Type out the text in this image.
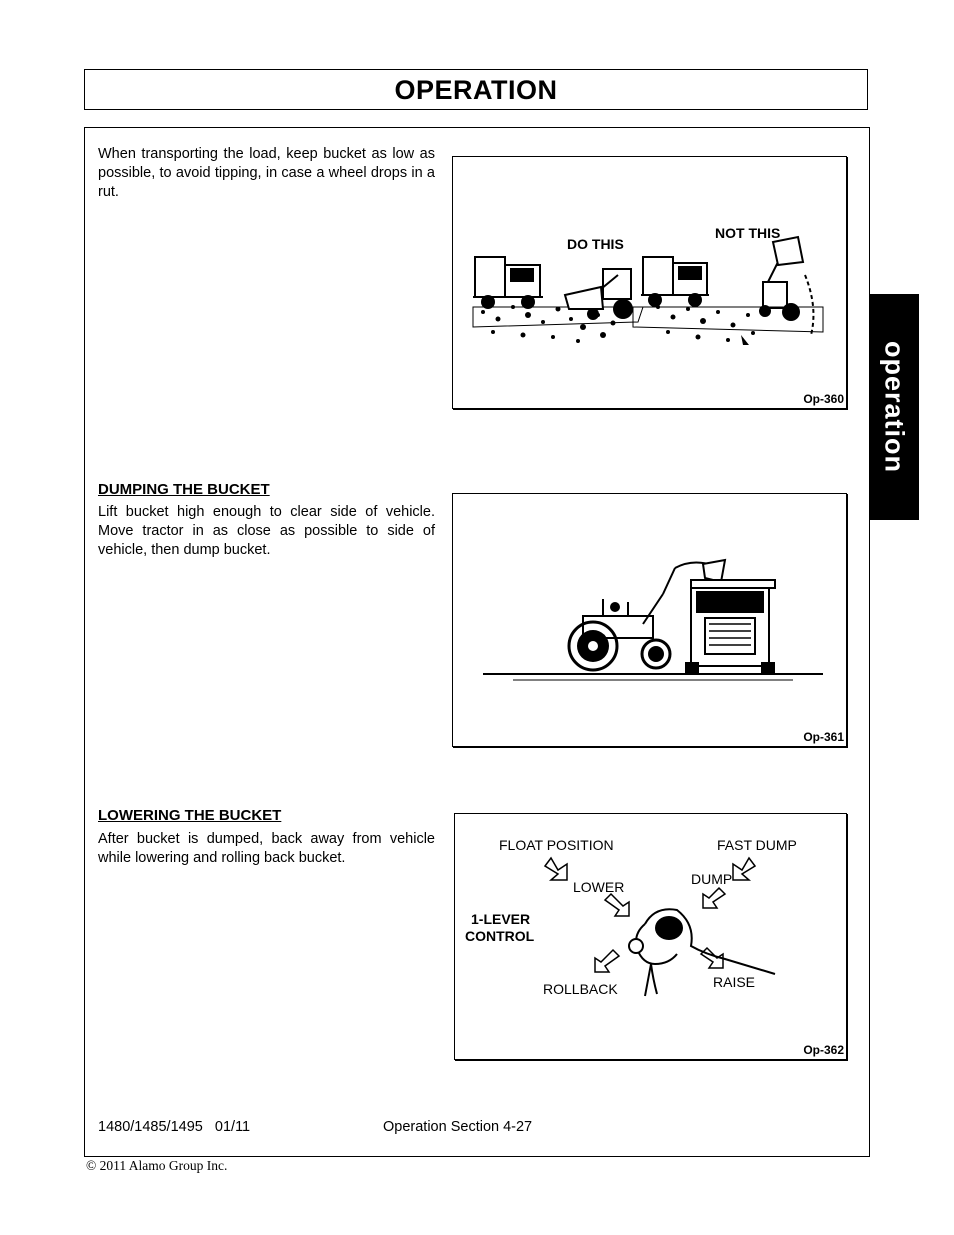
OPERATION
operation
When transporting the load, keep bucket as low as possible, to avoid tipping, in case a wheel drops in a rut.
DO THIS
NOT THIS
Op-360
DUMPING THE BUCKET
Lift bucket high enough to clear side of vehicle. Move tractor in as close as possible to side of vehicle, then dump bucket.
Op-361
LOWERING THE BUCKET
After bucket is dumped, back away from vehicle while lowering and rolling back bucket.
FLOAT POSITION	FAST DUMP
LOWER	DUMP
1-LEVER
CONTROL
ROLLBACK	RAISE
Op-362
1480/1485/1495   01/11	Operation Section 4-27
© 2011 Alamo Group Inc.
